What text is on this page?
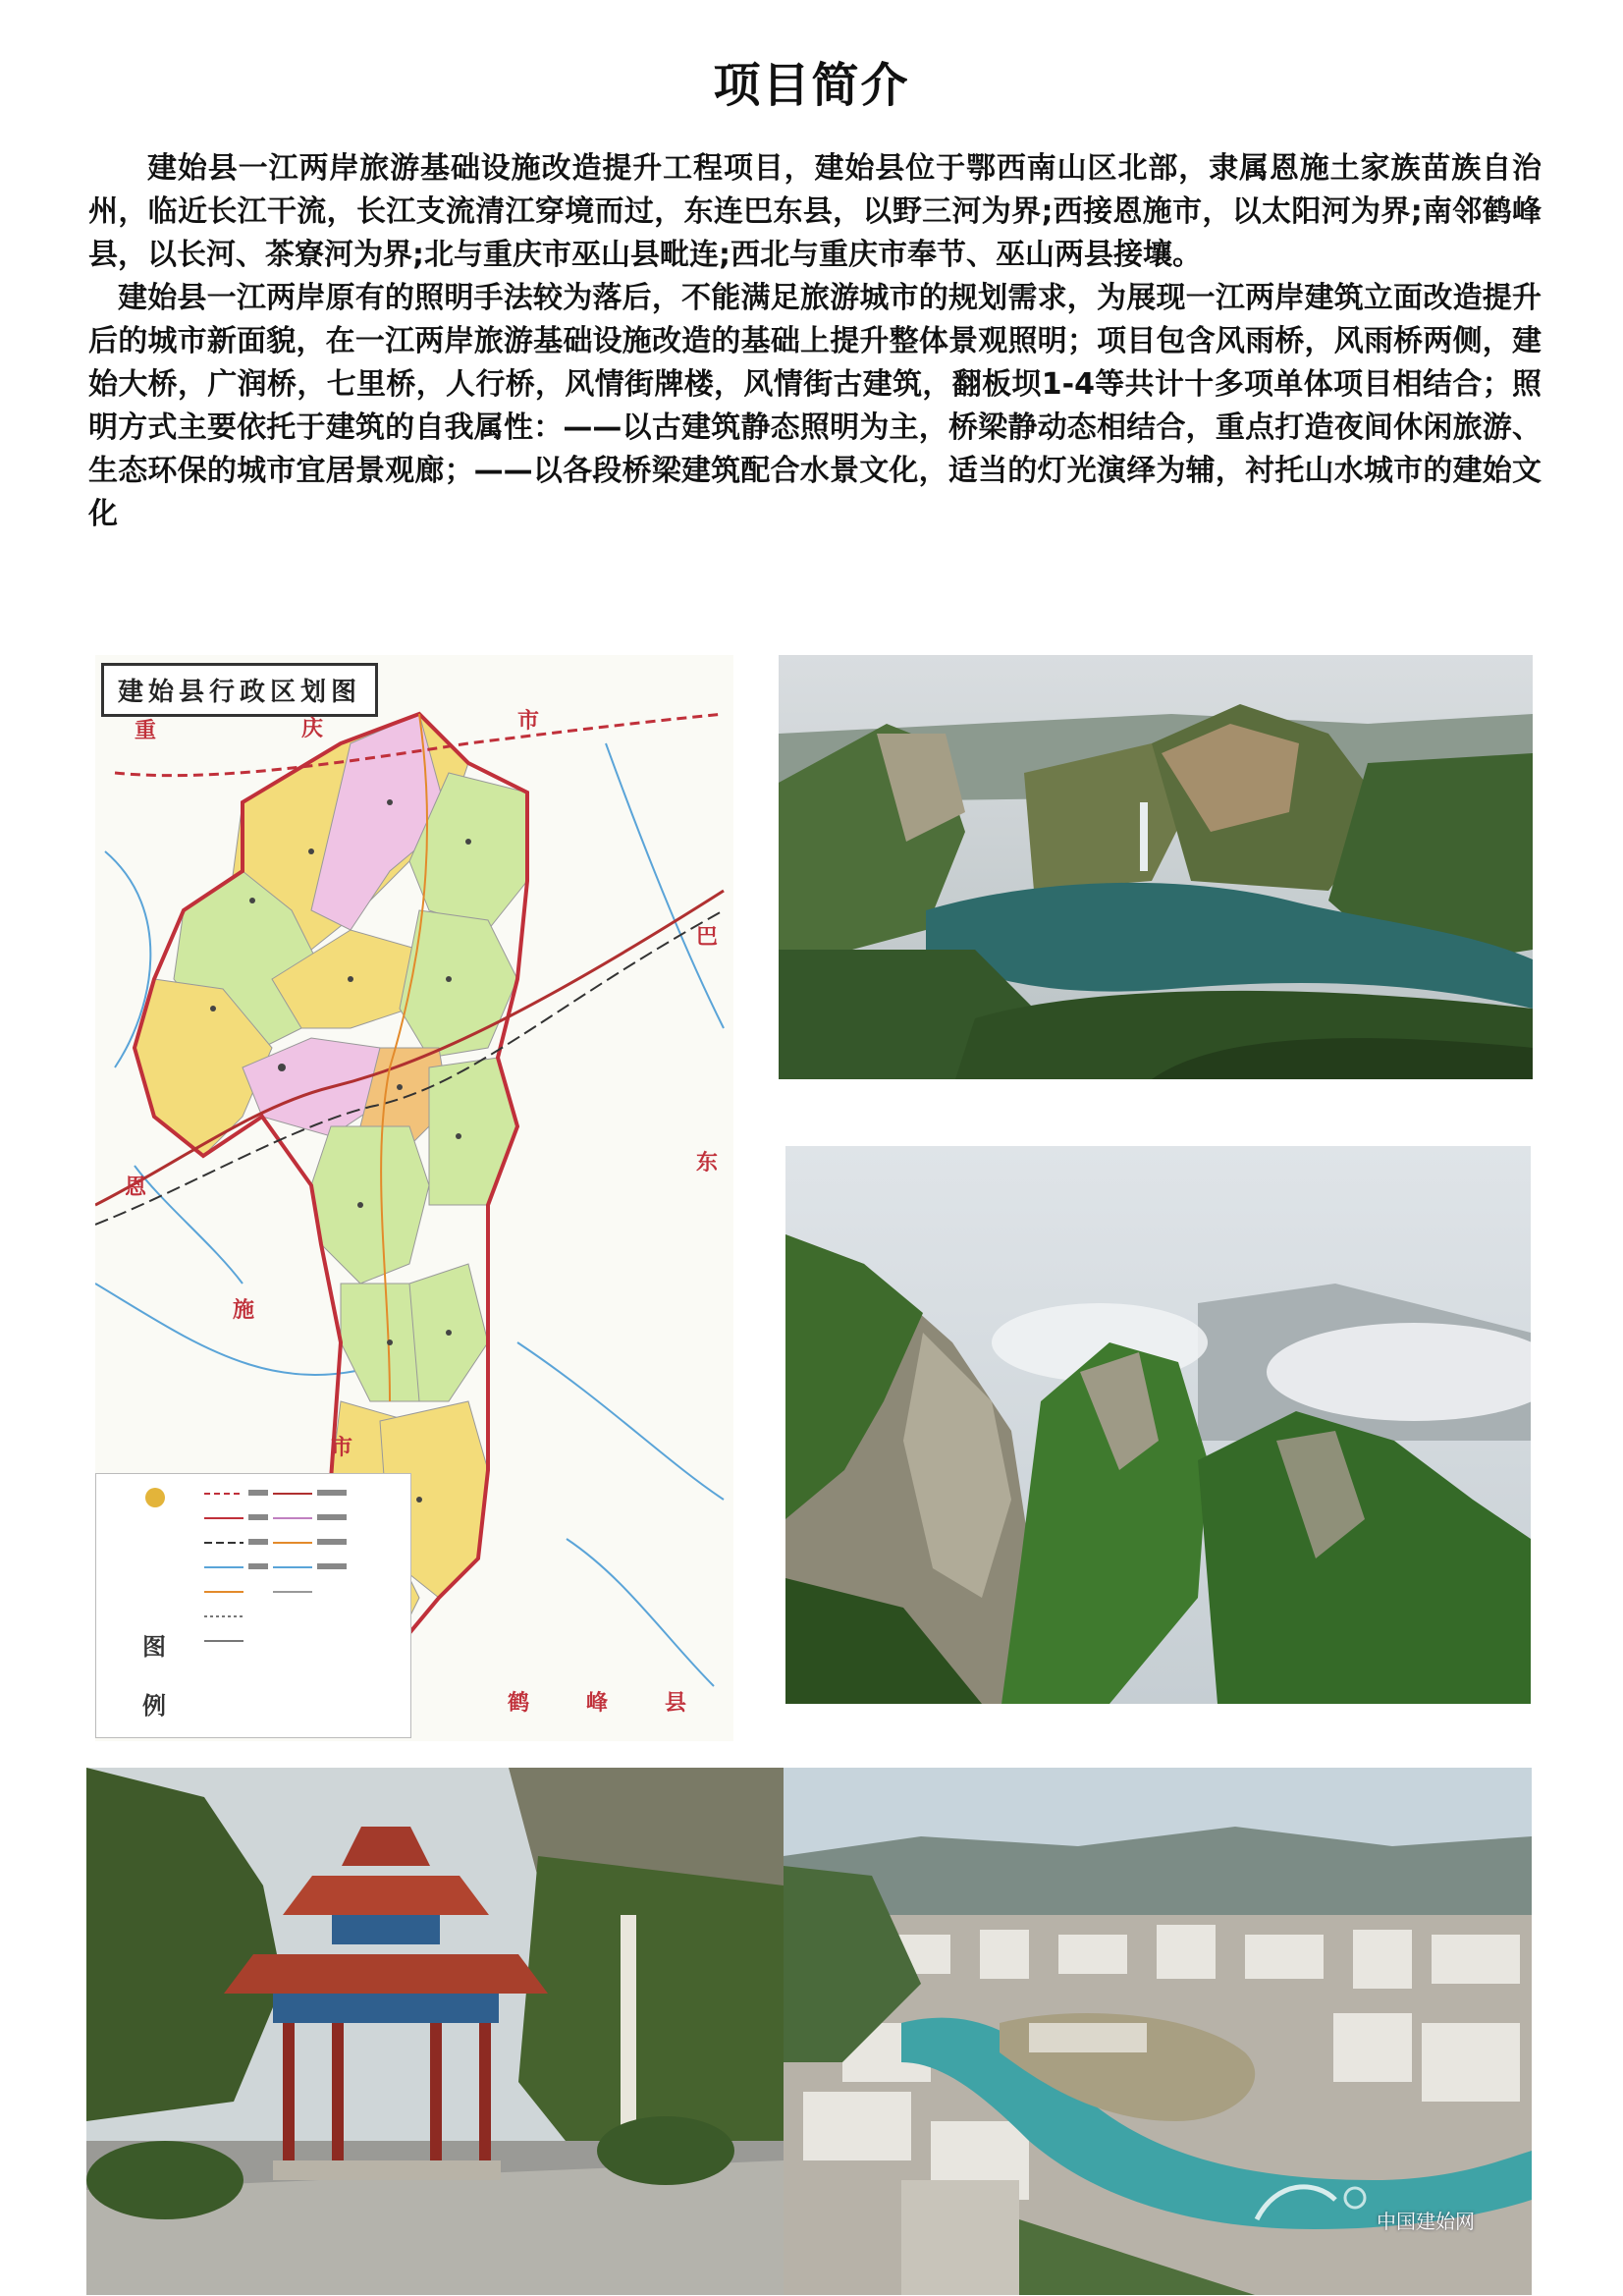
项目简介

建始县一江两岸旅游基础设施改造提升工程项目，建始县位于鄂西南山区北部，隶属恩施土家族苗族自治州，临近长江干流，长江支流清江穿境而过，东连巴东县，以野三河为界;西接恩施市，以太阳河为界;南邻鹤峰县，以长河、茶寮河为界;北与重庆市巫山县毗连;西北与重庆市奉节、巫山两县接壤。

建始县一江两岸原有的照明手法较为落后，不能满足旅游城市的规划需求，为展现一江两岸建筑立面改造提升后的城市新面貌，在一江两岸旅游基础设施改造的基础上提升整体景观照明；项目包含风雨桥，风雨桥两侧，建始大桥，广润桥，七里桥，人行桥，风情街牌楼，风情街古建筑，翻板坝1-4等共计十多项单体项目相结合；照明方式主要依托于建筑的自我属性：——以古建筑静态照明为主，桥梁静动态相结合，重点打造夜间休闲旅游、生态环保的城市宜居景观廊；——以各段桥梁建筑配合水景文化，适当的灯光演绎为辅，衬托山水城市的建始文化

建始县行政区划图
重	庆	市
巴
东
恩
施
市
鹤	峰	县
图例
中国建始网
